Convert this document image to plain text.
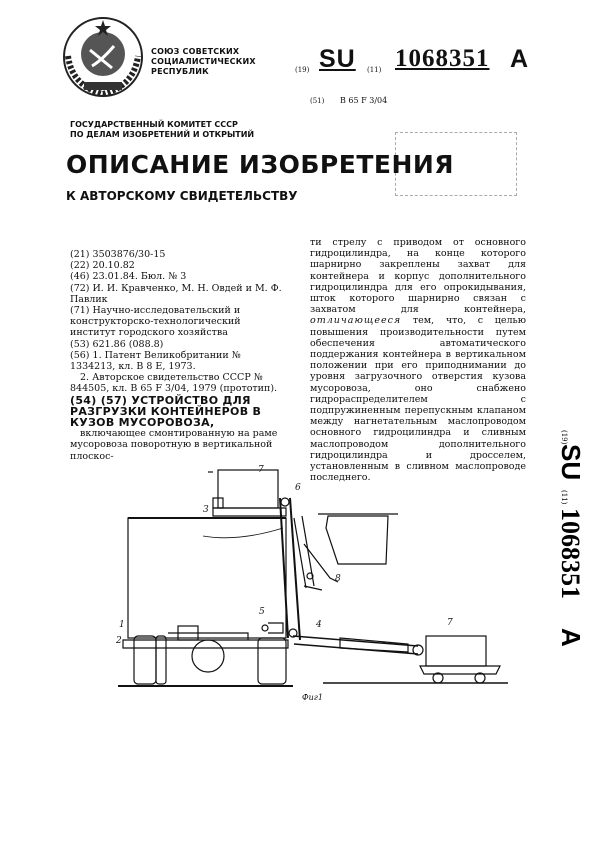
СОЮЗ СОВЕТСКИХ
СОЦИАЛИСТИЧЕСКИХ
РЕСПУБЛИК	(19) SU (11) 1068351 A
(51) В 65 F 3/04
ГОСУДАРСТВЕННЫЙ КОМИТЕТ СССР
ПО ДЕЛАМ ИЗОБРЕТЕНИЙ И ОТКРЫТИЙ
ОПИСАНИЕ ИЗОБРЕТЕНИЯ
К АВТОРСКОМУ СВИДЕТЕЛЬСТВУ

(21) 3503876/30-15

(22) 20.10.82

(46) 23.01.84. Бюл. № 3

(72) И. И. Кравченко, М. Н. Овдей и М. Ф. Павлик

(71) Научно-исследовательский и конструкторско-технологический институт городского хозяйства

(53) 621.86 (088.8)

(56) 1. Патент Великобритании № 1334213, кл. В 8 Е, 1973.

2. Авторское свидетельство СССР № 844505, кл. В 65 F 3/04, 1979 (прототип).

(54) (57) УСТРОЙСТВО ДЛЯ РАЗГРУЗКИ КОНТЕЙНЕРОВ В КУЗОВ МУСОРОВОЗА,

включающее смонтированную на раме мусоровоза поворотную в вертикальной плоскос-

ти стрелу с приводом от основного гидроцилиндра, на конце которого шарнирно закреплены захват для контейнера и корпус дополнительного гидроцилиндра для его опрокидывания, шток которого шарнирно связан с захватом для контейнера, отличающееся тем, что, с целью повышения производительности путем обеспечения автоматического поддержания контейнера в вертикальном положении при его приподнимании до уровня загрузочного отверстия кузова мусоровоза, оно снабжено гидрораспределителем с подпружиненным перепускным клапаном между нагнетательным маслопроводом основного гидроцилиндра и сливным маслопроводом дополнительного гидроцилиндра и дросселем, установленным в сливном маслопроводе последнего.
(19)
SU
(11)
1068351
A
7
6
3
8
5
1
2
4	7
Фиг1
